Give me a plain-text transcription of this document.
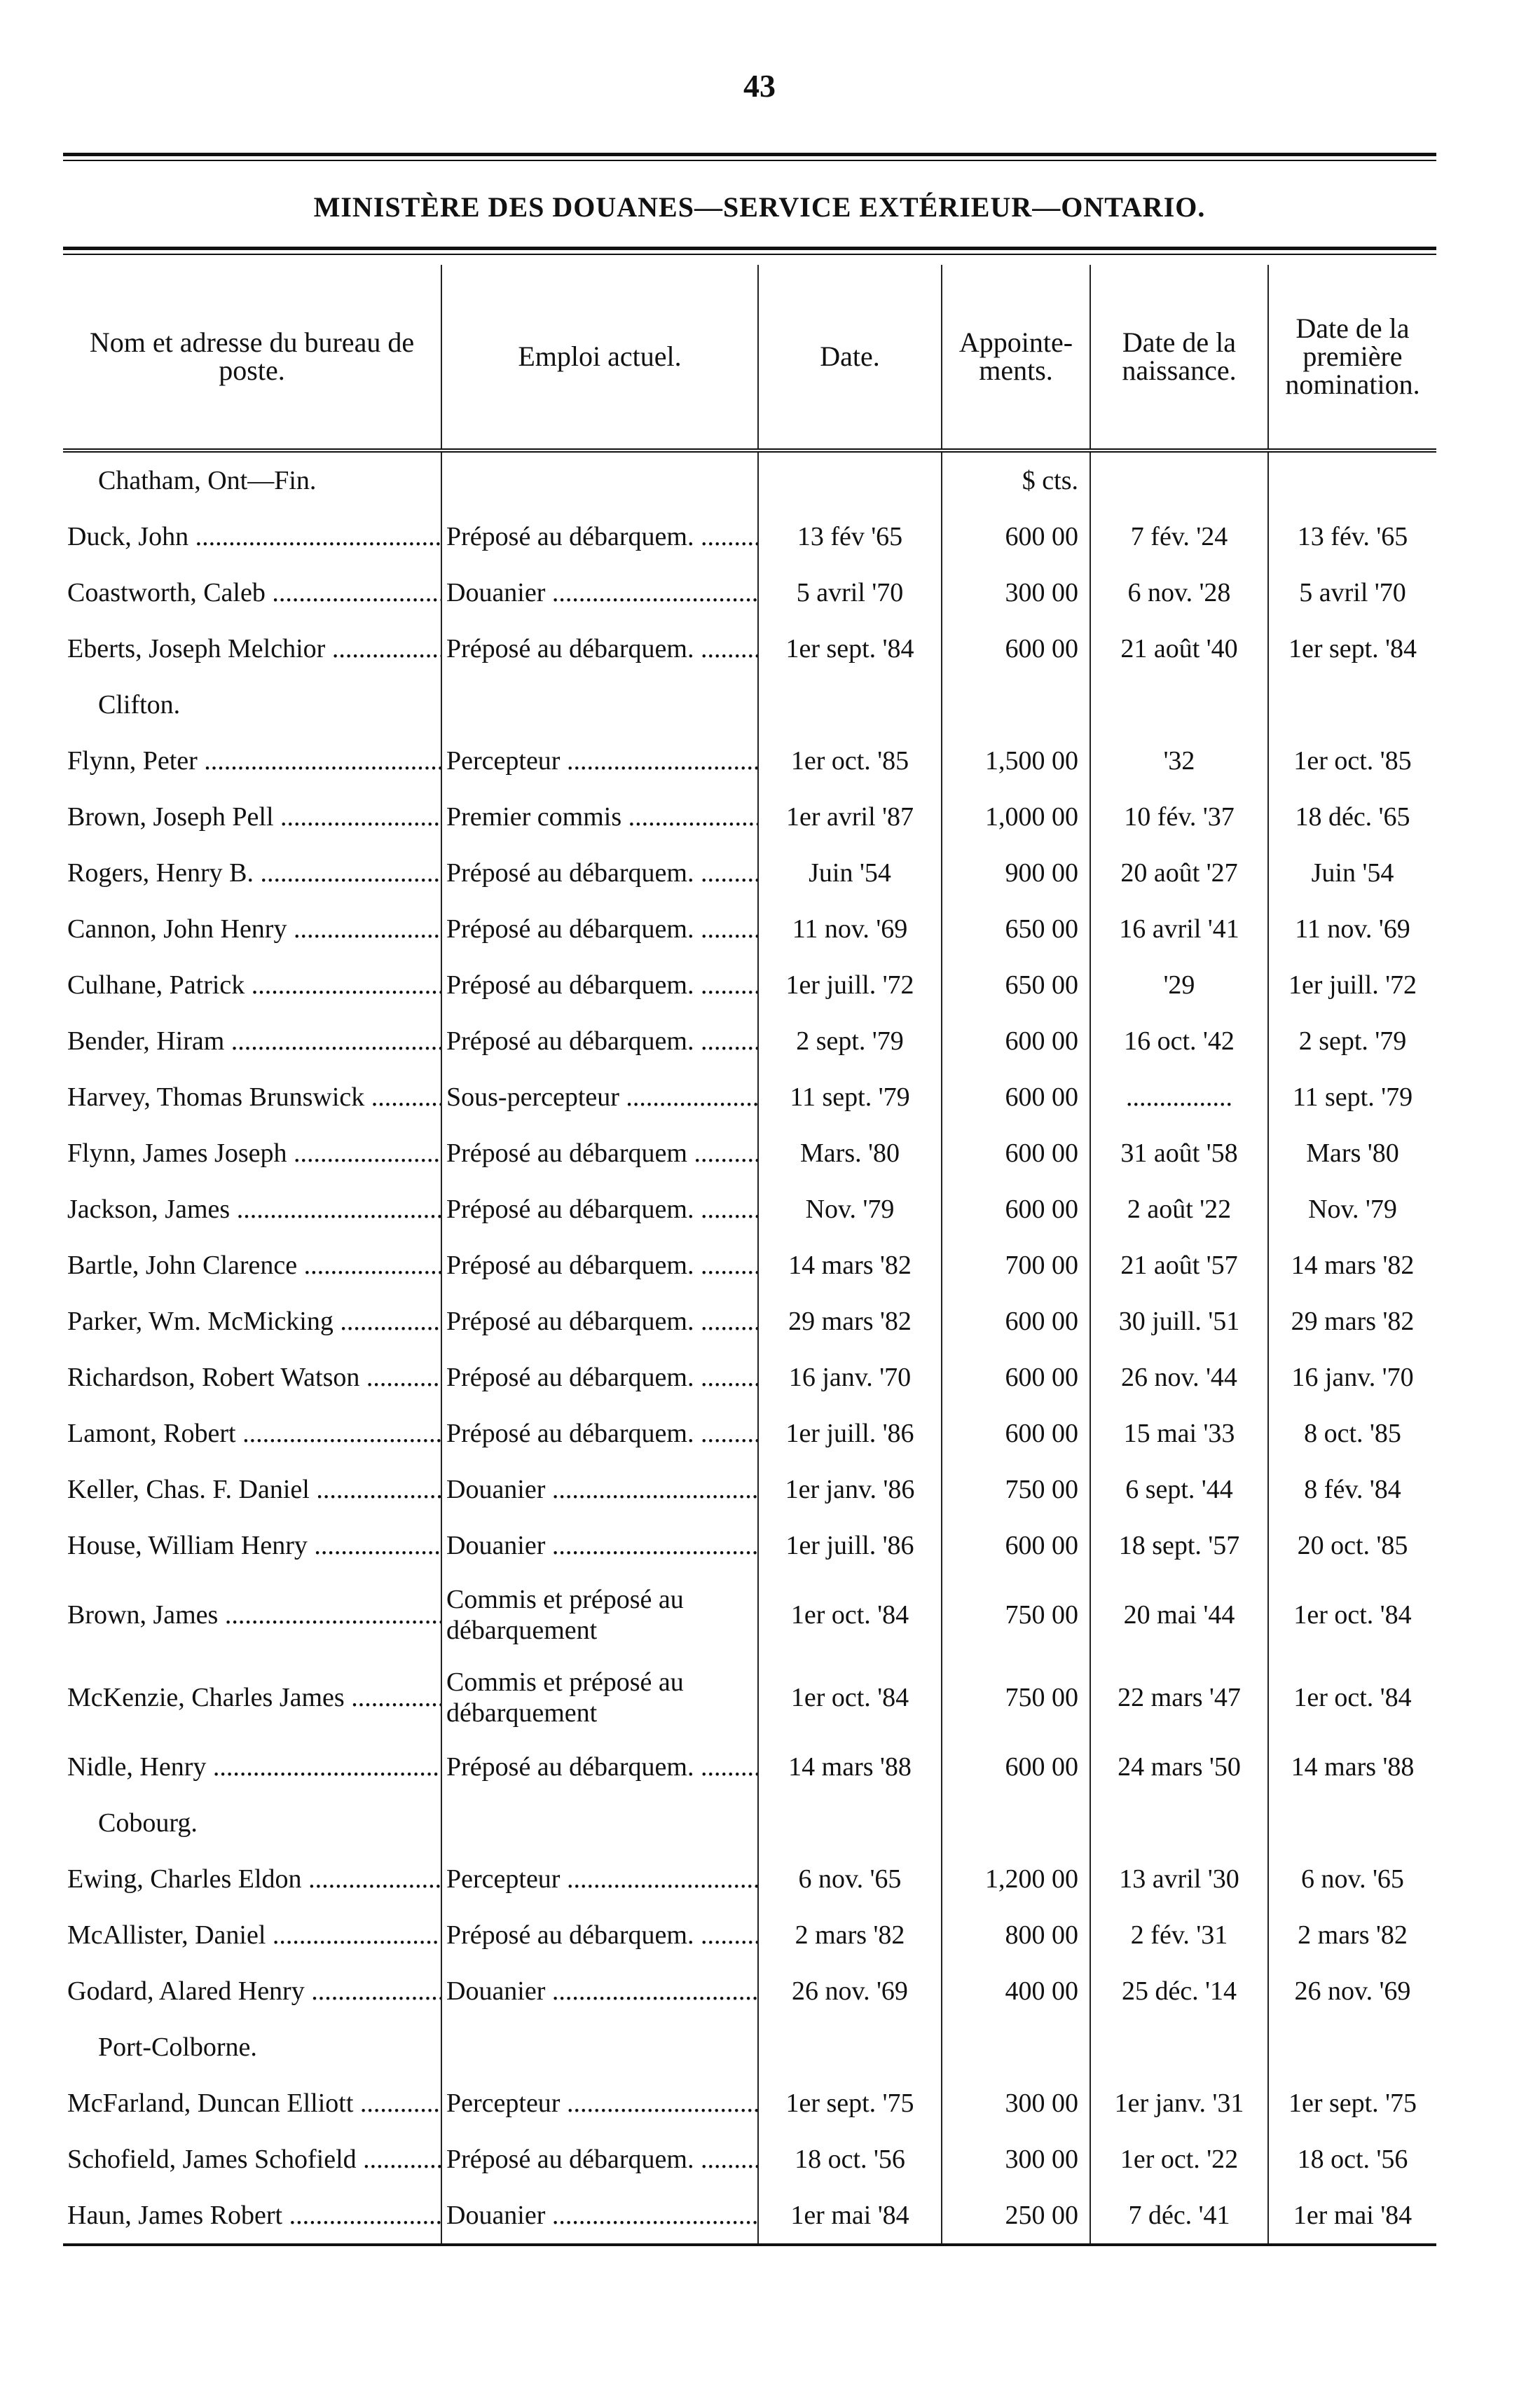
43
MINISTÈRE DES DOUANES—SERVICE EXTÉRIEUR—ONTARIO.
Nom et adresse du bureau de poste.	Emploi actuel.	Date.	Appointe-ments.	Date de la naissance.	Date de la première nomination.
Chatham, Ont—Fin.			$ cts.		
Duck, John .....	Préposé au débarquem. .....	13 fév '65	600 00	7 fév. '24	13 fév. '65
Coastworth, Caleb .....	Douanier .....	5 avril '70	300 00	6 nov. '28	5 avril '70
Eberts, Joseph Melchior .....	Préposé au débarquem. .....	1er sept. '84	600 00	21 août '40	1er sept. '84
Clifton.					
Flynn, Peter .....	Percepteur .....	1er oct. '85	1,500 00	'32	1er oct. '85
Brown, Joseph Pell .....	Premier commis .....	1er avril '87	1,000 00	10 fév. '37	18 déc. '65
Rogers, Henry B. .....	Préposé au débarquem. .....	Juin '54	900 00	20 août '27	Juin '54
Cannon, John Henry .....	Préposé au débarquem. .....	11 nov. '69	650 00	16 avril '41	11 nov. '69
Culhane, Patrick .....	Préposé au débarquem. .....	1er juill. '72	650 00	'29	1er juill. '72
Bender, Hiram .....	Préposé au débarquem. .....	2 sept. '79	600 00	16 oct. '42	2 sept. '79
Harvey, Thomas Brunswick .....	Sous-percepteur .....	11 sept. '79	600 00	................	11 sept. '79
Flynn, James Joseph .....	Préposé au débarquem .....	Mars. '80	600 00	31 août '58	Mars '80
Jackson, James .....	Préposé au débarquem. .....	Nov. '79	600 00	2 août '22	Nov. '79
Bartle, John Clarence .....	Préposé au débarquem. .....	14 mars '82	700 00	21 août '57	14 mars '82
Parker, Wm. McMicking .....	Préposé au débarquem. .....	29 mars '82	600 00	30 juill. '51	29 mars '82
Richardson, Robert Watson .....	Préposé au débarquem. .....	16 janv. '70	600 00	26 nov. '44	16 janv. '70
Lamont, Robert .....	Préposé au débarquem. .....	1er juill. '86	600 00	15 mai '33	8 oct. '85
Keller, Chas. F. Daniel .....	Douanier .....	1er janv. '86	750 00	6 sept. '44	8 fév. '84
House, William Henry .....	Douanier .....	1er juill. '86	600 00	18 sept. '57	20 oct. '85
Brown, James .....	Commis et préposé au débarquement	1er oct. '84	750 00	20 mai '44	1er oct. '84
McKenzie, Charles James .....	Commis et préposé au débarquement	1er oct. '84	750 00	22 mars '47	1er oct. '84
Nidle, Henry .....	Préposé au débarquem. .....	14 mars '88	600 00	24 mars '50	14 mars '88
Cobourg.					
Ewing, Charles Eldon .....	Percepteur .....	6 nov. '65	1,200 00	13 avril '30	6 nov. '65
McAllister, Daniel .....	Préposé au débarquem. .....	2 mars '82	800 00	2 fév. '31	2 mars '82
Godard, Alared Henry .....	Douanier .....	26 nov. '69	400 00	25 déc. '14	26 nov. '69
Port-Colborne.					
McFarland, Duncan Elliott .....	Percepteur .....	1er sept. '75	300 00	1er janv. '31	1er sept. '75
Schofield, James Schofield .....	Préposé au débarquem. .....	18 oct. '56	300 00	1er oct. '22	18 oct. '56
Haun, James Robert .....	Douanier .....	1er mai '84	250 00	7 déc. '41	1er mai '84
